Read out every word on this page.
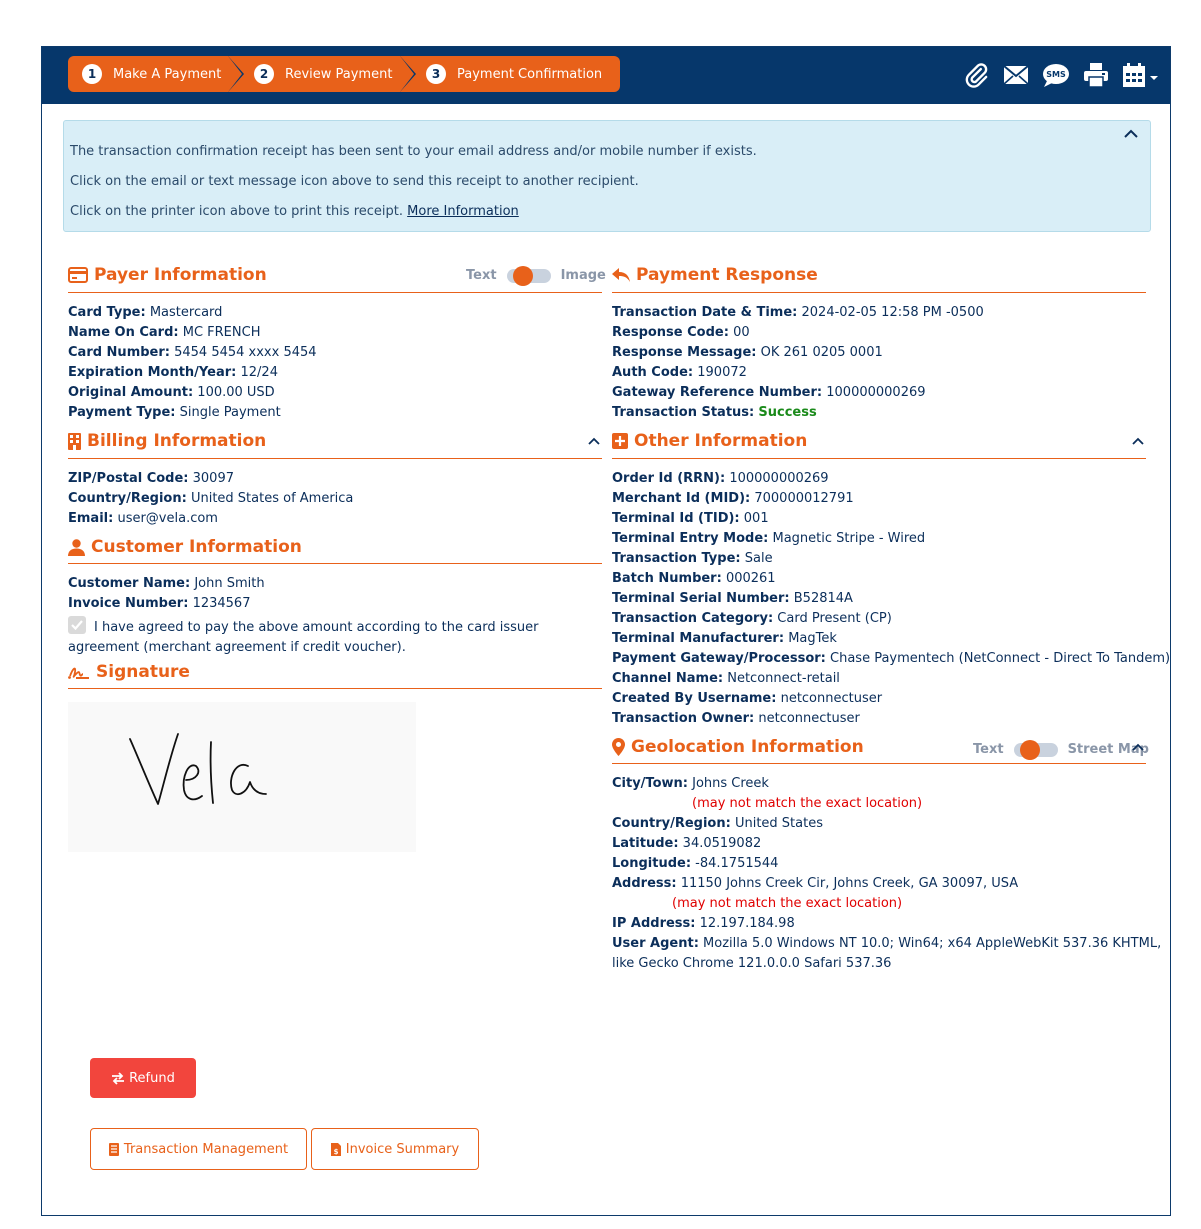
1	Make A Payment	2	Review Payment	3	Payment Confirmation	SMS

The transaction confirmation receipt has been sent to your email address and/or mobile number if exists.

Click on the email or text message icon above to send this receipt to another recipient.

Click on the printer icon above to print this receipt. More Information

Payer Information	Text	Image
Card Type: Mastercard
Name On Card: MC FRENCH
Card Number: 5454 5454 xxxx 5454
Expiration Month/Year: 12/24
Original Amount: 100.00 USD
Payment Type: Single Payment
Billing Information
ZIP/Postal Code: 30097
Country/Region: United States of America
Email: user@vela.com
Customer Information
Customer Name: John Smith
Invoice Number: 1234567
I have agreed to pay the above amount according to the card issuer agreement (merchant agreement if credit voucher).
Signature
Payment Response
Transaction Date & Time: 2024-02-05 12:58 PM -0500
Response Code: 00
Response Message: OK 261 0205 0001
Auth Code: 190072
Gateway Reference Number: 100000000269
Transaction Status: Success
Other Information
Order Id (RRN): 100000000269
Merchant Id (MID): 700000012791
Terminal Id (TID): 001
Terminal Entry Mode: Magnetic Stripe - Wired
Transaction Type: Sale
Batch Number: 000261
Terminal Serial Number: B52814A
Transaction Category: Card Present (CP)
Terminal Manufacturer: MagTek
Payment Gateway/Processor: Chase Paymentech (NetConnect - Direct To Tandem)
Channel Name: Netconnect-retail
Created By Username: netconnectuser
Transaction Owner: netconnectuser
Geolocation Information	Text	Street Map
City/Town: Johns Creek
(may not match the exact location)
Country/Region: United States
Latitude: 34.0519082
Longitude: -84.1751544
Address: 11150 Johns Creek Cir, Johns Creek, GA 30097, USA
(may not match the exact location)
IP Address: 12.197.184.98
User Agent: Mozilla 5.0 Windows NT 10.0; Win64; x64 AppleWebKit 537.36 KHTML,
like Gecko Chrome 121.0.0.0 Safari 537.36
Refund
Transaction Management	$ Invoice Summary
